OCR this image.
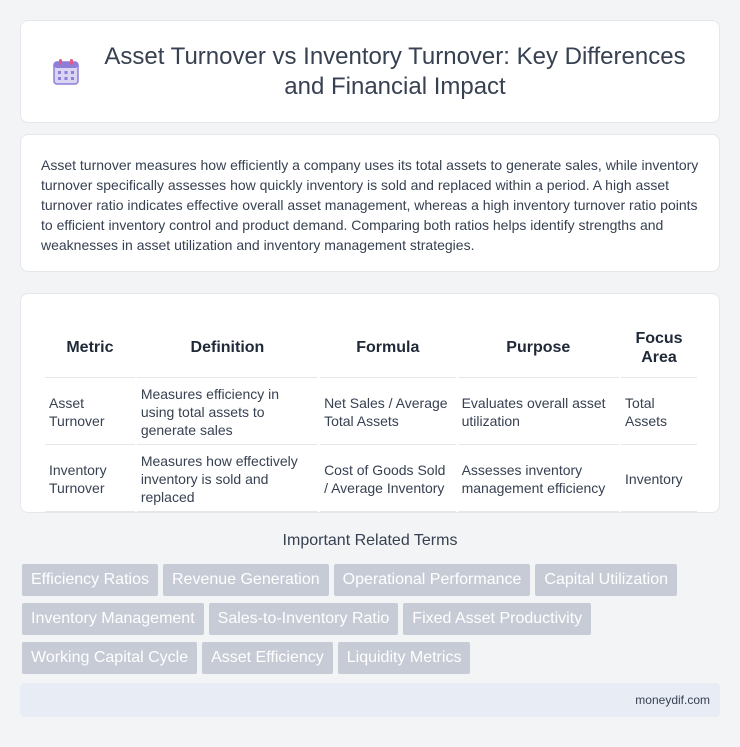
Asset Turnover vs Inventory Turnover: Key Differences and Financial Impact

Asset turnover measures how efficiently a company uses its total assets to generate sales, while inventory turnover specifically assesses how quickly inventory is sold and replaced within a period. A high asset turnover ratio indicates effective overall asset management, whereas a high inventory turnover ratio points to efficient inventory control and product demand. Comparing both ratios helps identify strengths and weaknesses in asset utilization and inventory management strategies.

Metric	Definition	Formula	Purpose	Focus Area
Asset Turnover	Measures efficiency in using total assets to generate sales	Net Sales / Average Total Assets	Evaluates overall asset utilization	Total Assets
Inventory Turnover	Measures how effectively inventory is sold and replaced	Cost of Goods Sold / Average Inventory	Assesses inventory management efficiency	Inventory
Important Related Terms
Efficiency Ratios	Revenue Generation	Operational Performance	Capital Utilization
Inventory Management	Sales-to-Inventory Ratio	Fixed Asset Productivity
Working Capital Cycle	Asset Efficiency	Liquidity Metrics
moneydif.com
